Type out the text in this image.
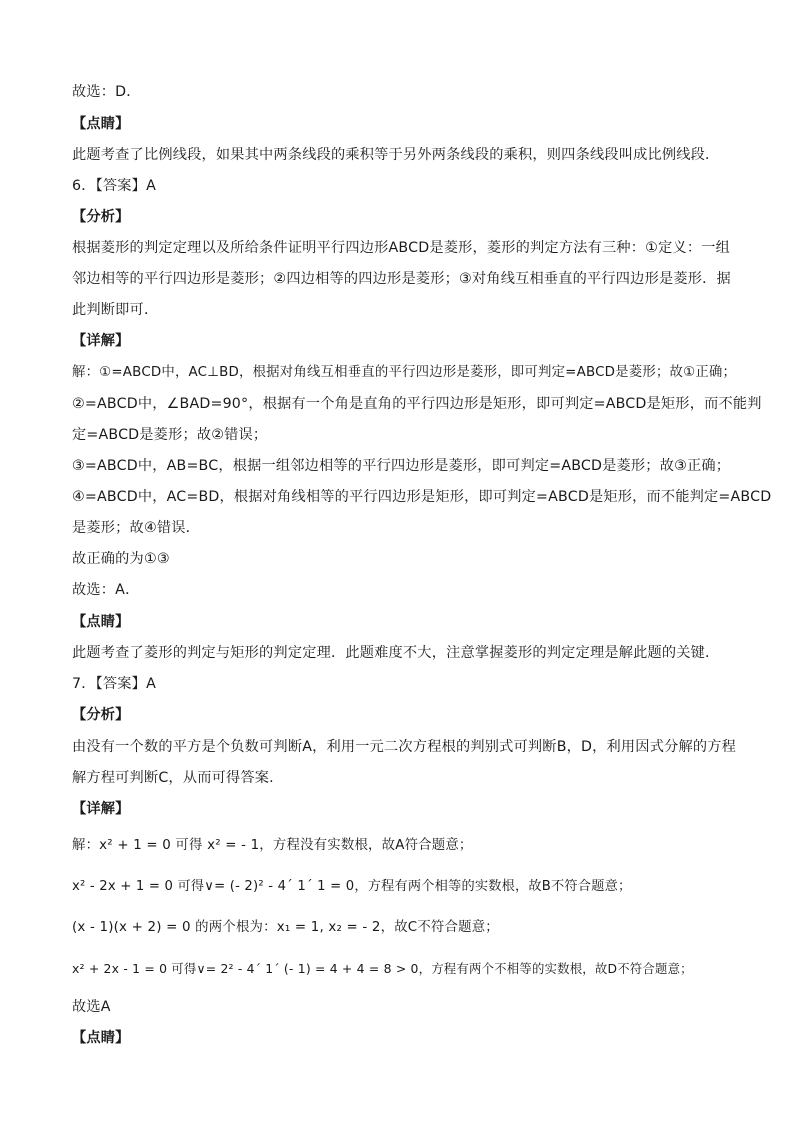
故选：D．
【点睛】
此题考查了比例线段，如果其中两条线段的乘积等于另外两条线段的乘积，则四条线段叫成比例线段．
6．【答案】A
【分析】
根据菱形的判定定理以及所给条件证明平行四边形ABCD是菱形，菱形的判定方法有三种：①定义：一组
邻边相等的平行四边形是菱形；②四边相等的四边形是菱形；③对角线互相垂直的平行四边形是菱形．据
此判断即可．
【详解】
解：①=ABCD中，AC⊥BD，根据对角线互相垂直的平行四边形是菱形，即可判定=ABCD是菱形；故①正确；
②=ABCD中，∠BAD=90°，根据有一个角是直角的平行四边形是矩形，即可判定=ABCD是矩形，而不能判
定=ABCD是菱形；故②错误；
③=ABCD中，AB=BC，根据一组邻边相等的平行四边形是菱形，即可判定=ABCD是菱形；故③正确；
④=ABCD中，AC=BD，根据对角线相等的平行四边形是矩形，即可判定=ABCD是矩形，而不能判定=ABCD
是菱形；故④错误．
故正确的为①③
故选：A．
【点睛】
此题考查了菱形的判定与矩形的判定定理．此题难度不大，注意掌握菱形的判定定理是解此题的关键．
7．【答案】A
【分析】
由没有一个数的平方是个负数可判断A，利用一元二次方程根的判别式可判断B，D，利用因式分解的方程
解方程可判断C，从而可得答案.
【详解】
解：x² + 1 = 0 可得 x² = - 1，方程没有实数根，故A符合题意；
x² - 2x + 1 = 0 可得∨= (- 2)² - 4´ 1´ 1 = 0，方程有两个相等的实数根，故B不符合题意；
(x - 1)(x + 2) = 0 的两个根为：x₁ = 1, x₂ = - 2，故C不符合题意；
x² + 2x - 1 = 0 可得∨= 2² - 4´ 1´ (- 1) = 4 + 4 = 8 > 0，方程有两个不相等的实数根，故D不符合题意；
故选A
【点睛】
